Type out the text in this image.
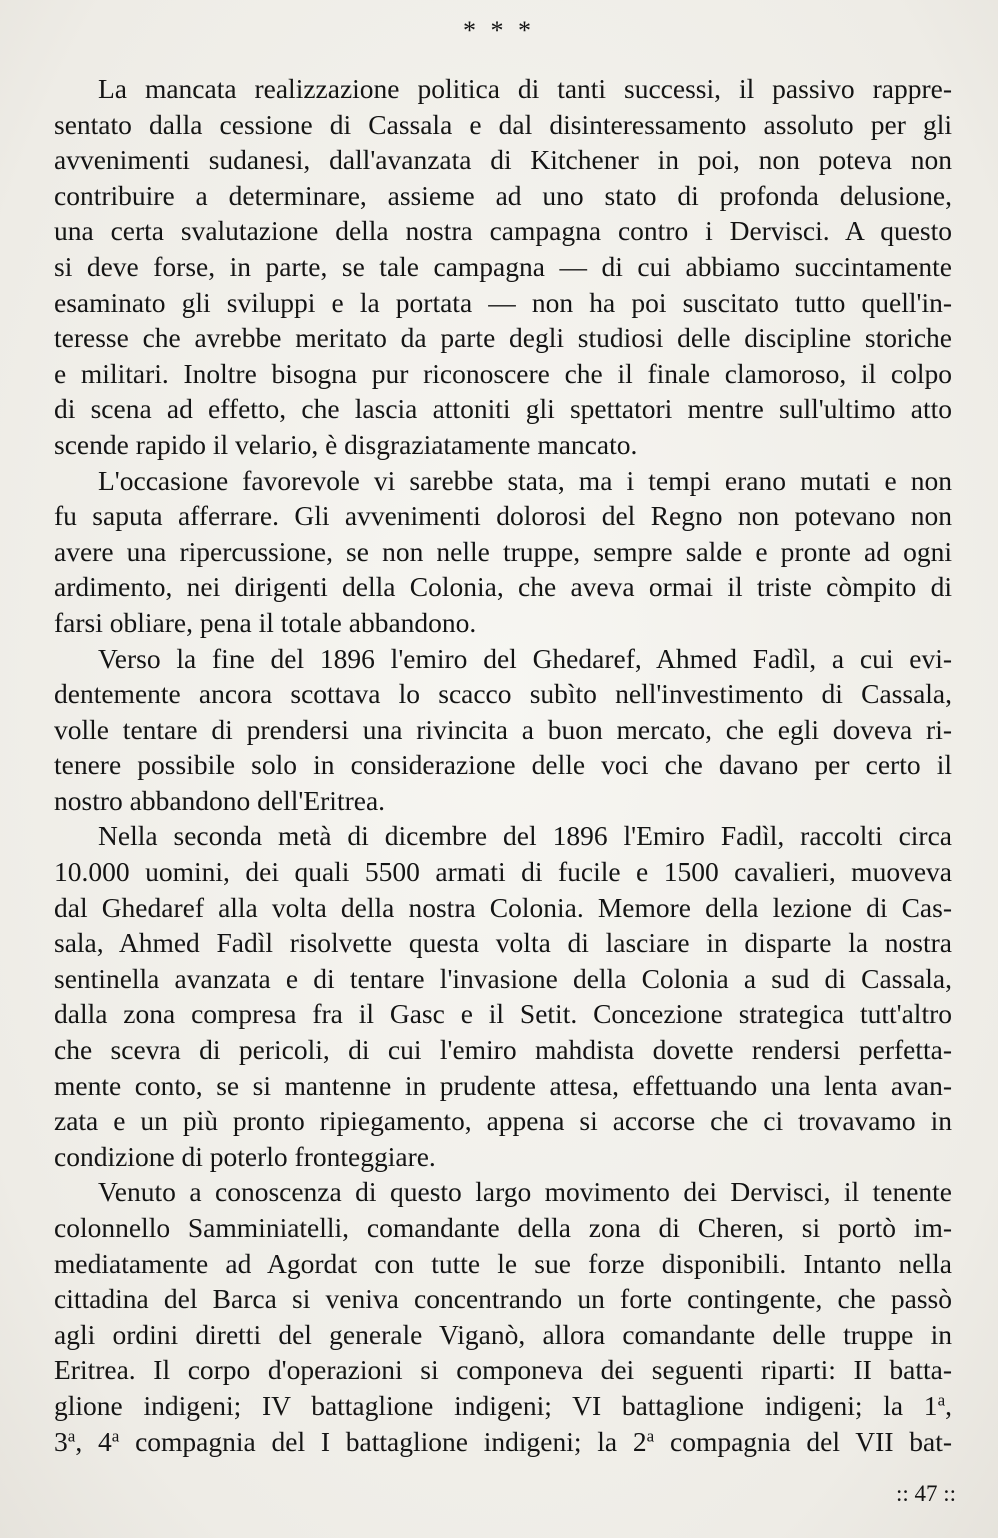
* * *
La mancata realizzazione politica di tanti successi, il passivo rappre-
sentato dalla cessione di Cassala e dal disinteressamento assoluto per gli
avvenimenti sudanesi, dall'avanzata di Kitchener in poi, non poteva non
contribuire a determinare, assieme ad uno stato di profonda delusione,
una certa svalutazione della nostra campagna contro i Dervisci. A questo
si deve forse, in parte, se tale campagna — di cui abbiamo succintamente
esaminato gli sviluppi e la portata — non ha poi suscitato tutto quell'in-
teresse che avrebbe meritato da parte degli studiosi delle discipline storiche
e militari. Inoltre bisogna pur riconoscere che il finale clamoroso, il colpo
di scena ad effetto, che lascia attoniti gli spettatori mentre sull'ultimo atto
scende rapido il velario, è disgraziatamente mancato.
L'occasione favorevole vi sarebbe stata, ma i tempi erano mutati e non
fu saputa afferrare. Gli avvenimenti dolorosi del Regno non potevano non
avere una ripercussione, se non nelle truppe, sempre salde e pronte ad ogni
ardimento, nei dirigenti della Colonia, che aveva ormai il triste còmpito di
farsi obliare, pena il totale abbandono.
Verso la fine del 1896 l'emiro del Ghedaref, Ahmed Fadìl, a cui evi-
dentemente ancora scottava lo scacco subìto nell'investimento di Cassala,
volle tentare di prendersi una rivincita a buon mercato, che egli doveva ri-
tenere possibile solo in considerazione delle voci che davano per certo il
nostro abbandono dell'Eritrea.
Nella seconda metà di dicembre del 1896 l'Emiro Fadìl, raccolti circa
10.000 uomini, dei quali 5500 armati di fucile e 1500 cavalieri, muoveva
dal Ghedaref alla volta della nostra Colonia. Memore della lezione di Cas-
sala, Ahmed Fadìl risolvette questa volta di lasciare in disparte la nostra
sentinella avanzata e di tentare l'invasione della Colonia a sud di Cassala,
dalla zona compresa fra il Gasc e il Setit. Concezione strategica tutt'altro
che scevra di pericoli, di cui l'emiro mahdista dovette rendersi perfetta-
mente conto, se si mantenne in prudente attesa, effettuando una lenta avan-
zata e un più pronto ripiegamento, appena si accorse che ci trovavamo in
condizione di poterlo fronteggiare.
Venuto a conoscenza di questo largo movimento dei Dervisci, il tenente
colonnello Samminiatelli, comandante della zona di Cheren, si portò im-
mediatamente ad Agordat con tutte le sue forze disponibili. Intanto nella
cittadina del Barca si veniva concentrando un forte contingente, che passò
agli ordini diretti del generale Viganò, allora comandante delle truppe in
Eritrea. Il corpo d'operazioni si componeva dei seguenti riparti: II batta-
glione indigeni; IV battaglione indigeni; VI battaglione indigeni; la 1$^a$,
3$^a$, 4$^a$ compagnia del I battaglione indigeni; la 2$^a$ compagnia del VII bat-
:: 47 ::
